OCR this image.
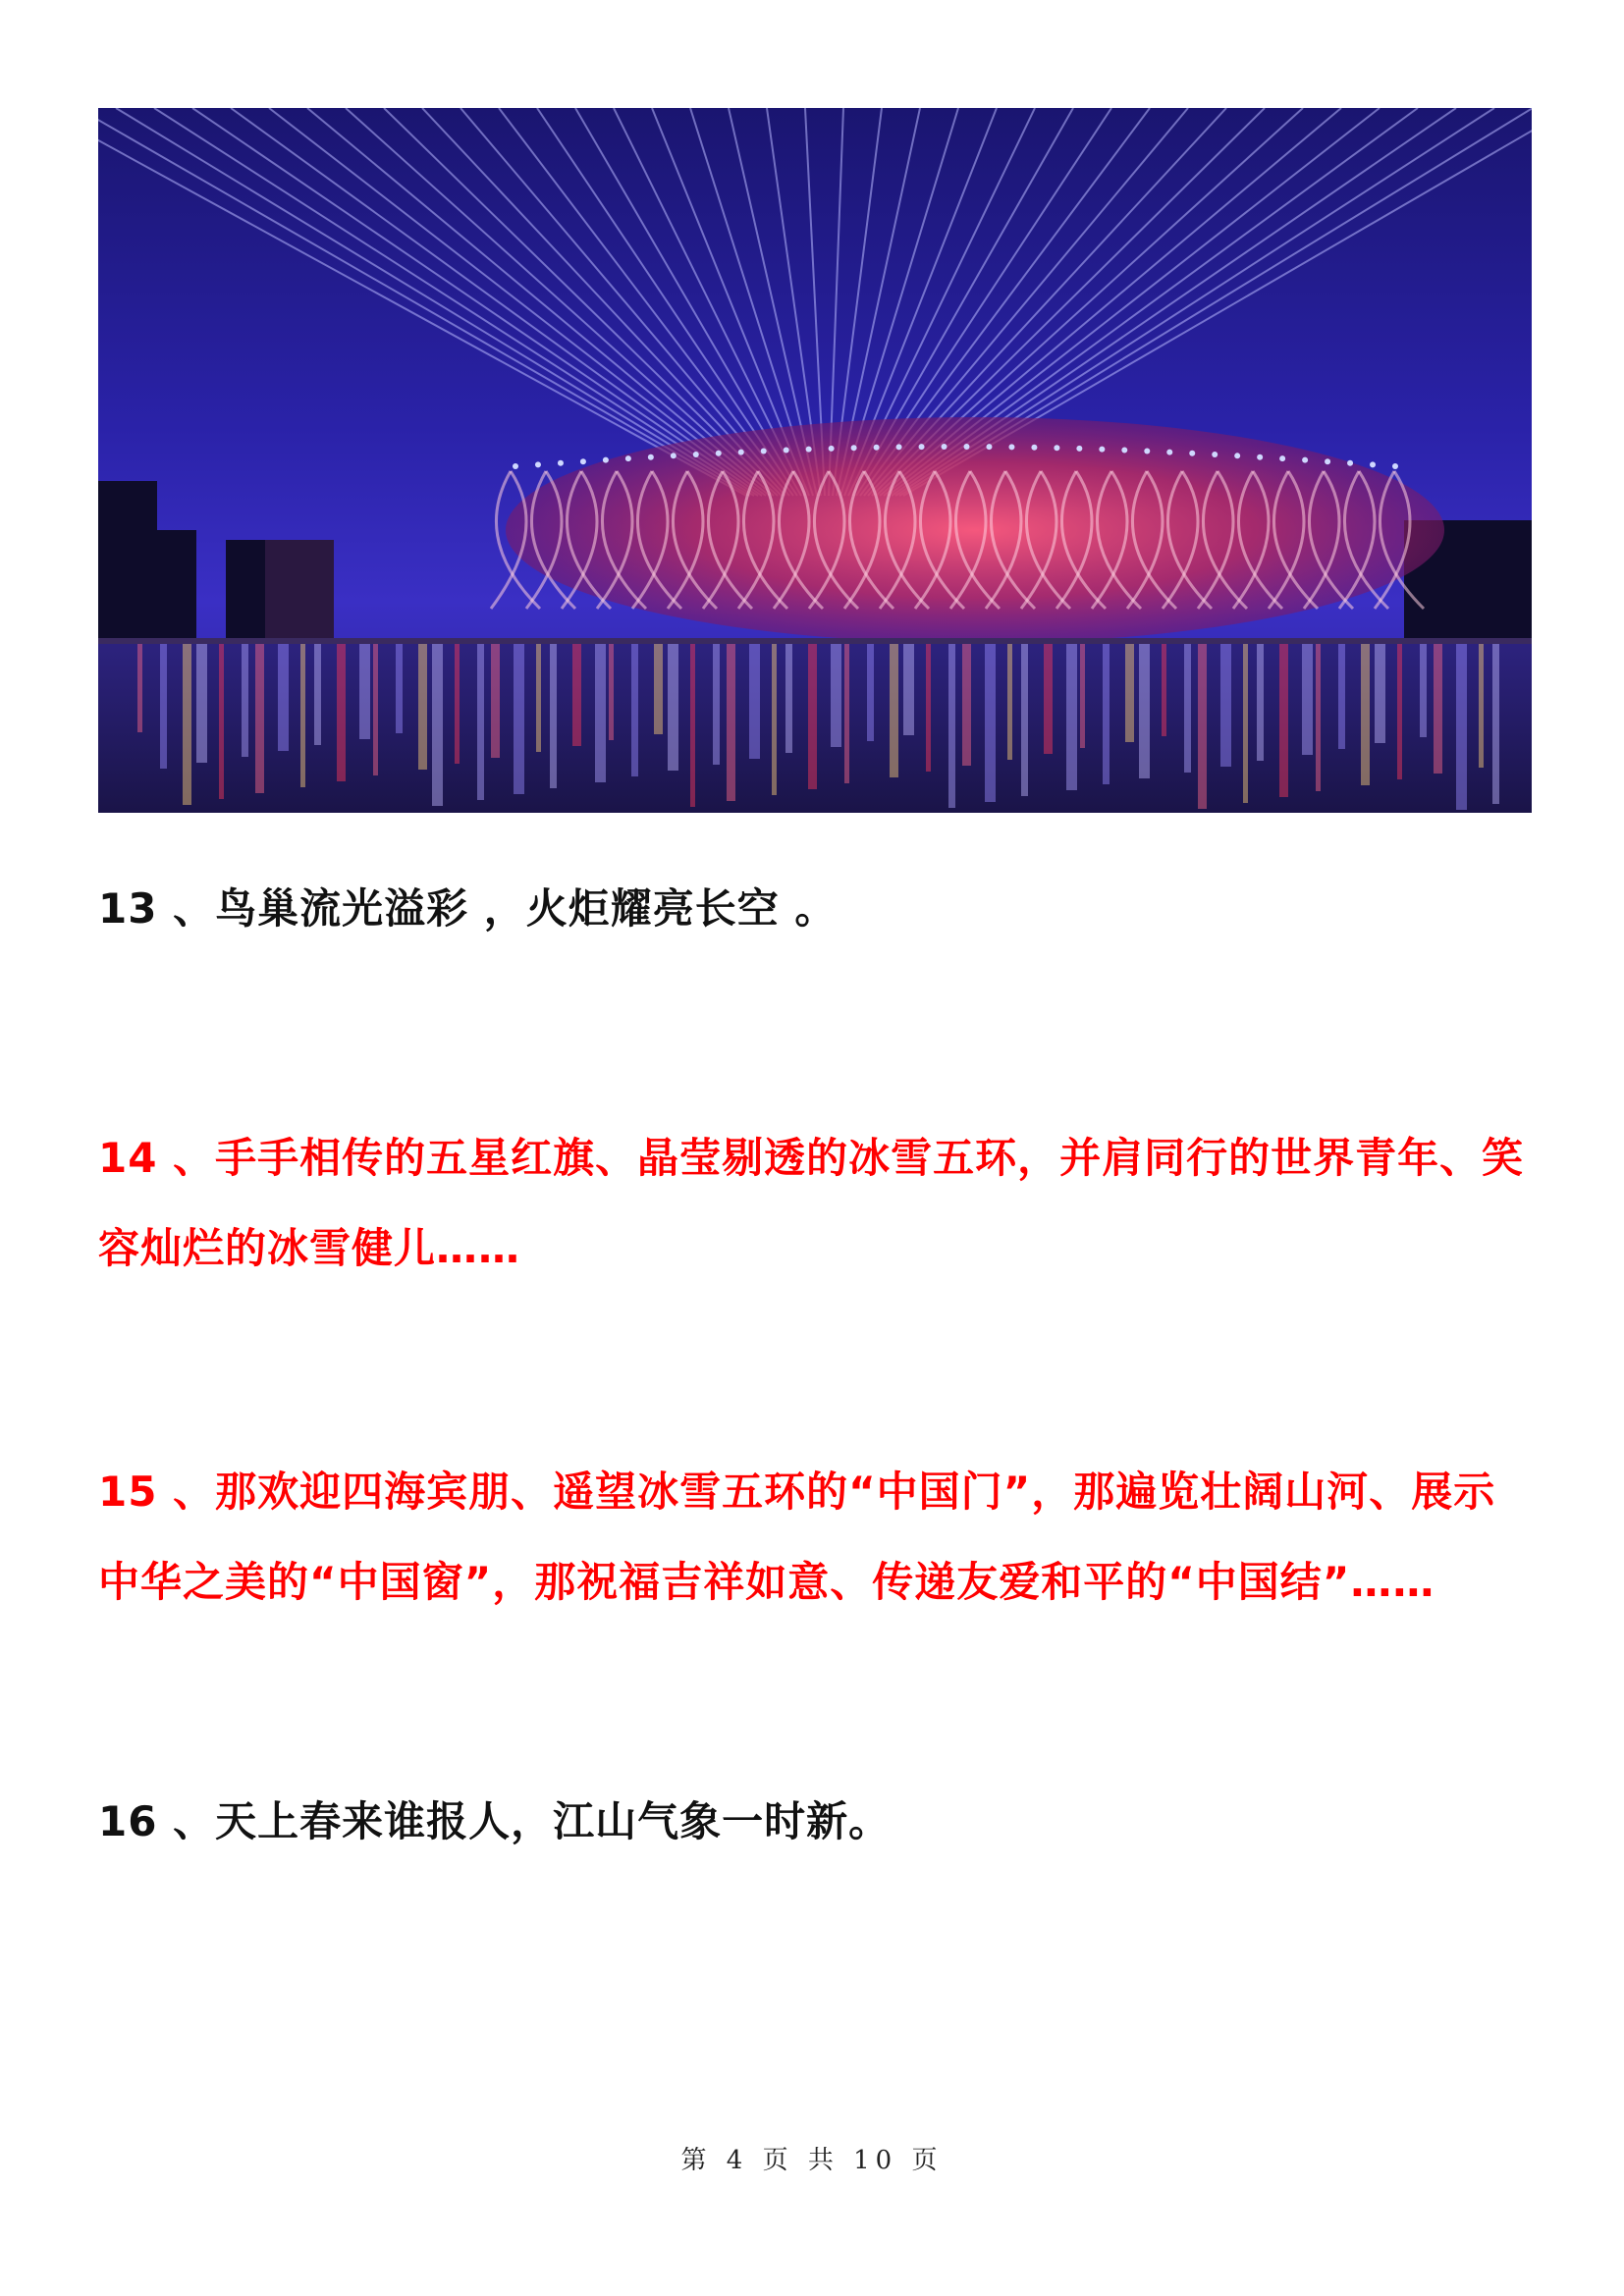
13 、鸟巢流光溢彩 ，火炬耀亮长空 。

14 、手手相传的五星红旗、晶莹剔透的冰雪五环，并肩同行的世界青年、笑容灿烂的冰雪健儿……

15 、那欢迎四海宾朋、遥望冰雪五环的“中国门”，那遍览壮阔山河、展示中华之美的“中国窗”，那祝福吉祥如意、传递友爱和平的“中国结”……

16 、天上春来谁报人，江山气象一时新。

第 4 页 共 10 页
